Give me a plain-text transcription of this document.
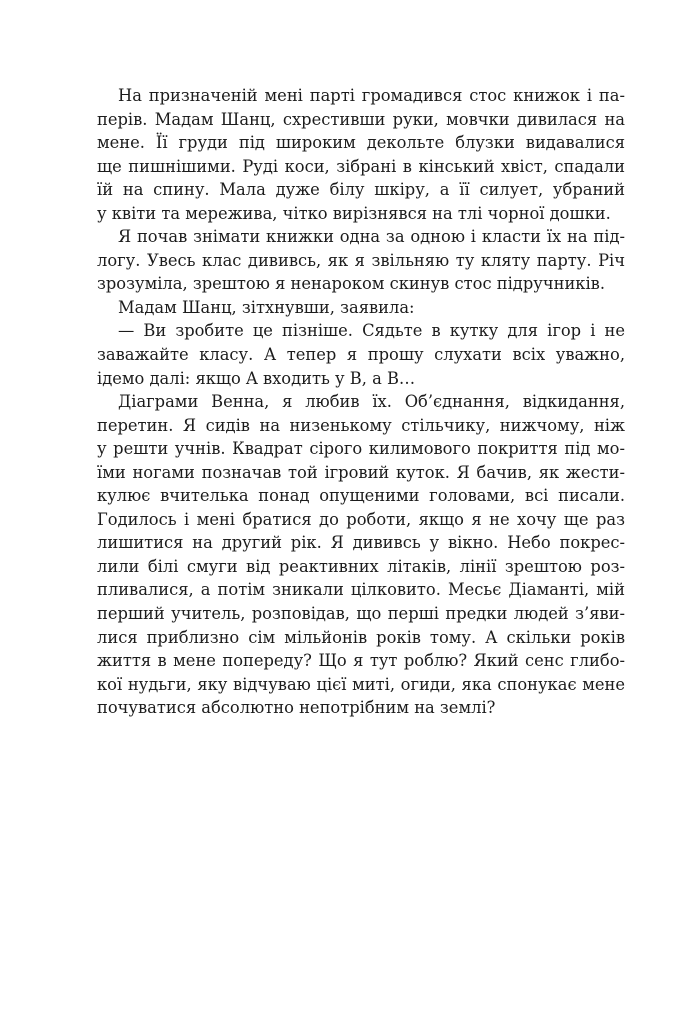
На призначеній мені парті громадився стос книжок і па-
перів. Мадам Шанц, схрестивши руки, мовчки дивилася на
мене. Її груди під широким декольте блузки видавалися
ще пишнішими. Руді коси, зібрані в кінський хвіст, спадали
їй на спину. Мала дуже білу шкіру, а її силует, убраний
у квіти та мережива, чітко вирізнявся на тлі чорної дошки.
Я почав знімати книжки одна за одною і класти їх на під-
логу. Увесь клас дививсь, як я звільняю ту кляту парту. Річ
зрозуміла, зрештою я ненароком скинув стос підручників.
Мадам Шанц, зітхнувши, заявила:
— Ви зробите це пізніше. Сядьте в кутку для ігор і не
заважайте класу. А тепер я прошу слухати всіх уважно,
ідемо далі: якщо A входить у B, а B…
Діаграми Венна, я любив їх. Об’єднання, відкидання,
перетин. Я сидів на низенькому стільчику, нижчому, ніж
у решти учнів. Квадрат сірого килимового покриття під мо-
їми ногами позначав той ігровий куток. Я бачив, як жести-
кулює вчителька понад опущеними головами, всі писали.
Годилось і мені братися до роботи, якщо я не хочу ще раз
лишитися на другий рік. Я дививсь у вікно. Небо покрес-
лили білі смуги від реактивних літаків, лінії зрештою роз-
пливалися, а потім зникали цілковито. Месьє Діаманті, мій
перший учитель, розповідав, що перші предки людей з’яви-
лися приблизно сім мільйонів років тому. А скільки років
життя в мене попереду? Що я тут роблю? Який сенс глибо-
кої нудьги, яку відчуваю цієї миті, огиди, яка спонукає мене
почуватися абсолютно непотрібним на землі?
